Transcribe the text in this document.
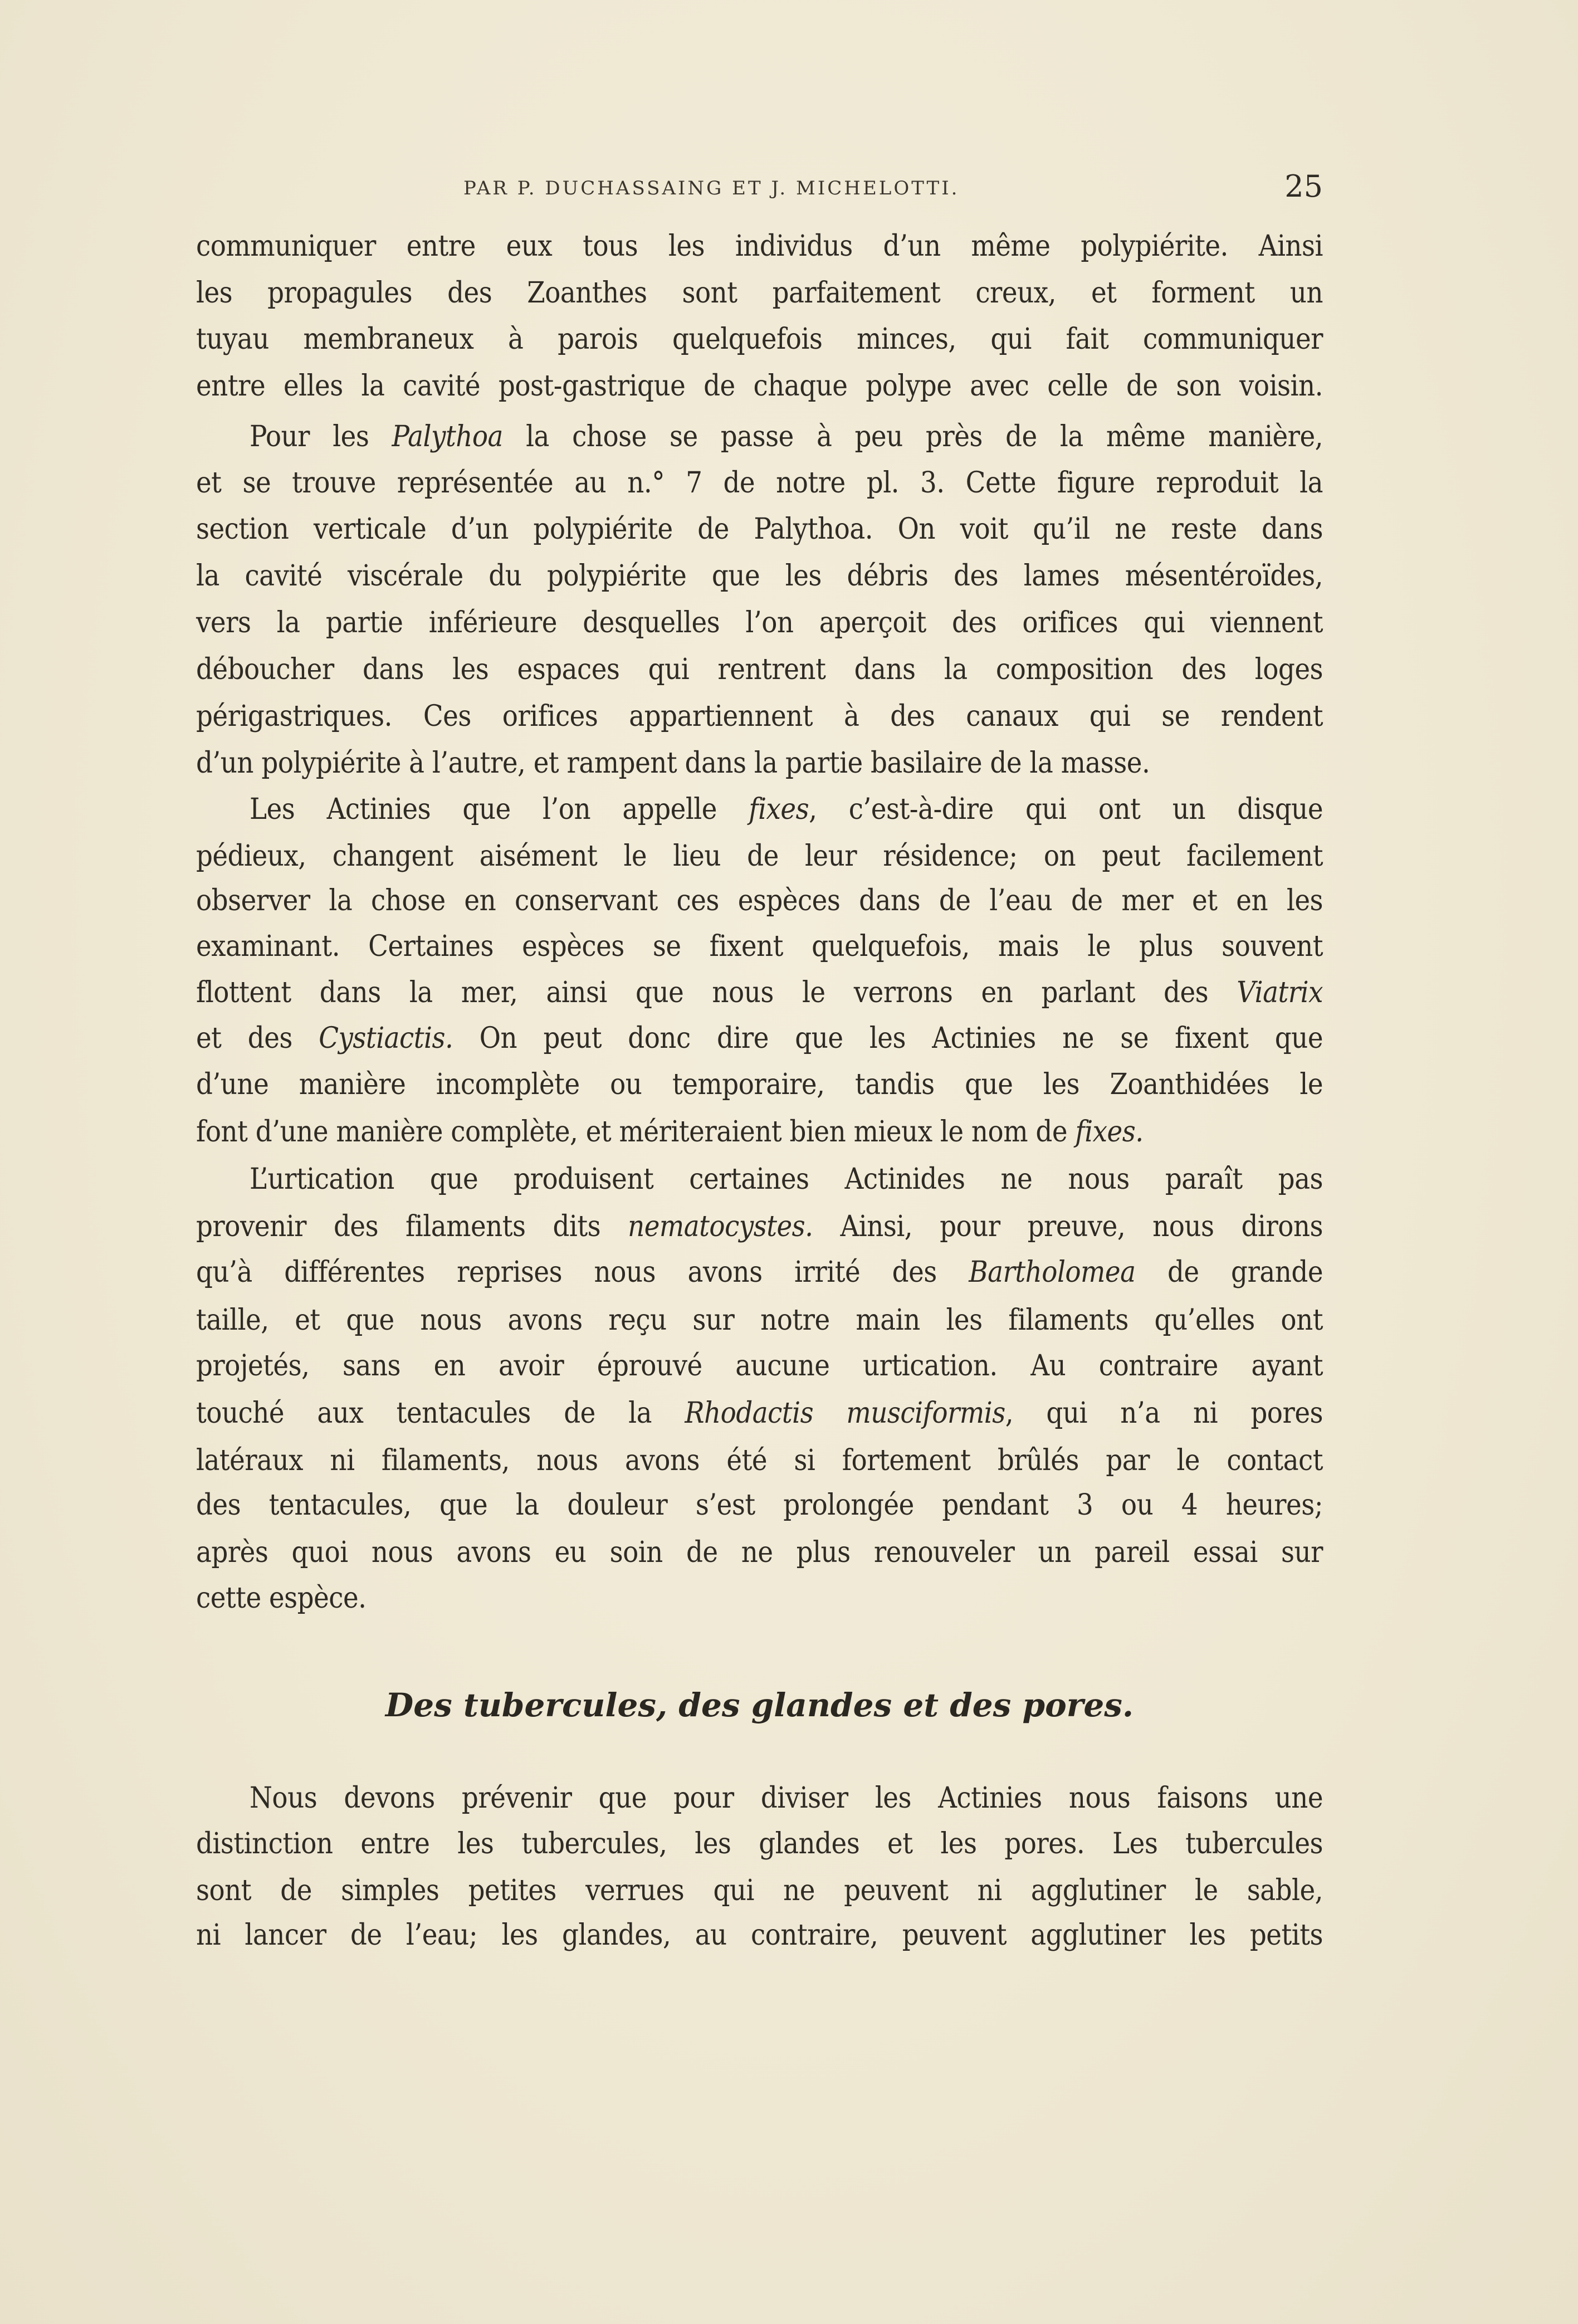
PAR P. DUCHASSAING ET J. MICHELOTTI.	25
communiquer entre eux tous les individus d’un même polypiérite. Ainsi
les propagules des Zoanthes sont parfaitement creux, et forment un
tuyau membraneux à parois quelquefois minces, qui fait communiquer
entre elles la cavité post-gastrique de chaque polype avec celle de son voisin.
Pour les Palythoa la chose se passe à peu près de la même manière,
et se trouve représentée au n.° 7 de notre pl. 3. Cette figure reproduit la
section verticale d’un polypiérite de Palythoa. On voit qu’il ne reste dans
la cavité viscérale du polypiérite que les débris des lames mésentéroïdes,
vers la partie inférieure desquelles l’on aperçoit des orifices qui viennent
déboucher dans les espaces qui rentrent dans la composition des loges
périgastriques. Ces orifices appartiennent à des canaux qui se rendent
d’un polypiérite à l’autre, et rampent dans la partie basilaire de la masse.
Les Actinies que l’on appelle fixes, c’est-à-dire qui ont un disque
pédieux, changent aisément le lieu de leur résidence; on peut facilement
observer la chose en conservant ces espèces dans de l’eau de mer et en les
examinant. Certaines espèces se fixent quelquefois, mais le plus souvent
flottent dans la mer, ainsi que nous le verrons en parlant des Viatrix
et des Cystiactis. On peut donc dire que les Actinies ne se fixent que
d’une manière incomplète ou temporaire, tandis que les Zoanthidées le
font d’une manière complète, et mériteraient bien mieux le nom de fixes.
L’urtication que produisent certaines Actinides ne nous paraît pas
provenir des filaments dits nematocystes. Ainsi, pour preuve, nous dirons
qu’à différentes reprises nous avons irrité des Bartholomea de grande
taille, et que nous avons reçu sur notre main les filaments qu’elles ont
projetés, sans en avoir éprouvé aucune urtication. Au contraire ayant
touché aux tentacules de la Rhodactis musciformis, qui n’a ni pores
latéraux ni filaments, nous avons été si fortement brûlés par le contact
des tentacules, que la douleur s’est prolongée pendant 3 ou 4 heures;
après quoi nous avons eu soin de ne plus renouveler un pareil essai sur
cette espèce.
Nous devons prévenir que pour diviser les Actinies nous faisons une
distinction entre les tubercules, les glandes et les pores. Les tubercules
sont de simples petites verrues qui ne peuvent ni agglutiner le sable,
ni lancer de l’eau; les glandes, au contraire, peuvent agglutiner les petits
Des tubercules, des glandes et des pores.
